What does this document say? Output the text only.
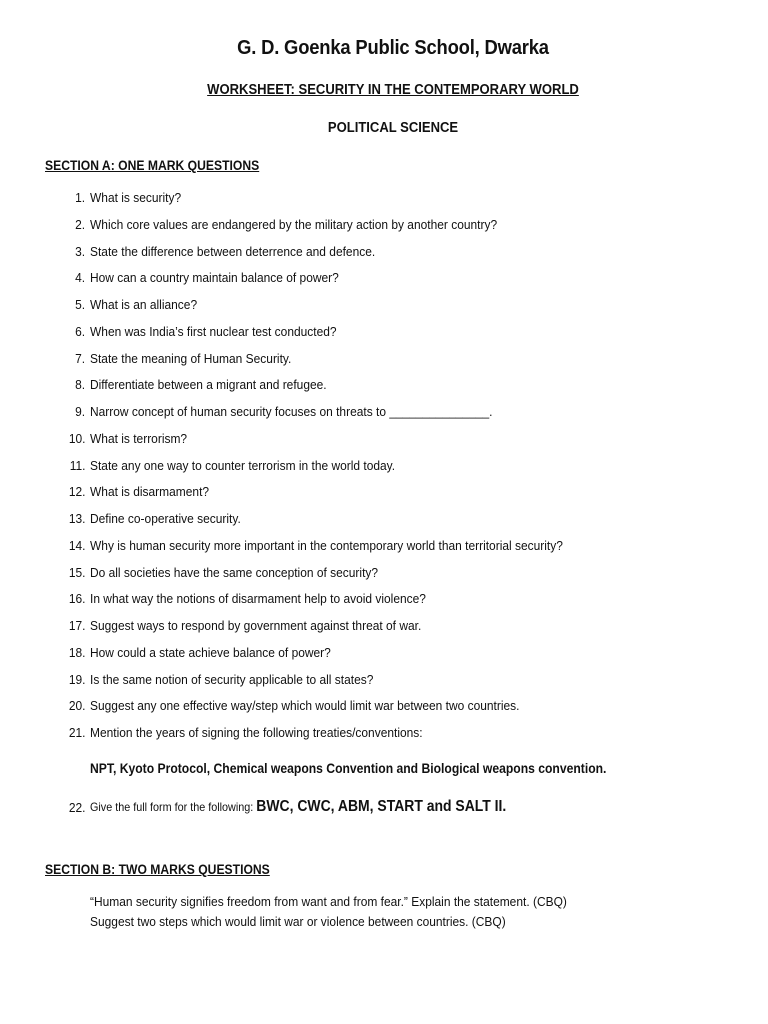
G. D. Goenka Public School, Dwarka
WORKSHEET: SECURITY IN THE CONTEMPORARY WORLD
POLITICAL SCIENCE
SECTION A: ONE MARK QUESTIONS
1. What is security?
2. Which core values are endangered by the military action by another country?
3. State the difference between deterrence and defence.
4. How can a country maintain balance of power?
5. What is an alliance?
6. When was India’s first nuclear test conducted?
7. State the meaning of Human Security.
8. Differentiate between a migrant and refugee.
9. Narrow concept of human security focuses on threats to _______________.
10. What is terrorism?
11. State any one way to counter terrorism in the world today.
12. What is disarmament?
13. Define co-operative security.
14. Why is human security more important in the contemporary world than territorial security?
15. Do all societies have the same conception of security?
16. In what way the notions of disarmament help to avoid violence?
17. Suggest ways to respond by government against threat of war.
18. How could a state achieve balance of power?
19. Is the same notion of security applicable to all states?
20. Suggest any one effective way/step which would limit war between two countries.
21. Mention the years of signing the following treaties/conventions:
NPT, Kyoto Protocol, Chemical weapons Convention and Biological weapons convention.
22. Give the full form for the following: BWC, CWC, ABM, START and SALT II.
SECTION B: TWO MARKS QUESTIONS
“Human security signifies freedom from want and from fear.” Explain the statement. (CBQ)
Suggest two steps which would limit war or violence between countries. (CBQ)
